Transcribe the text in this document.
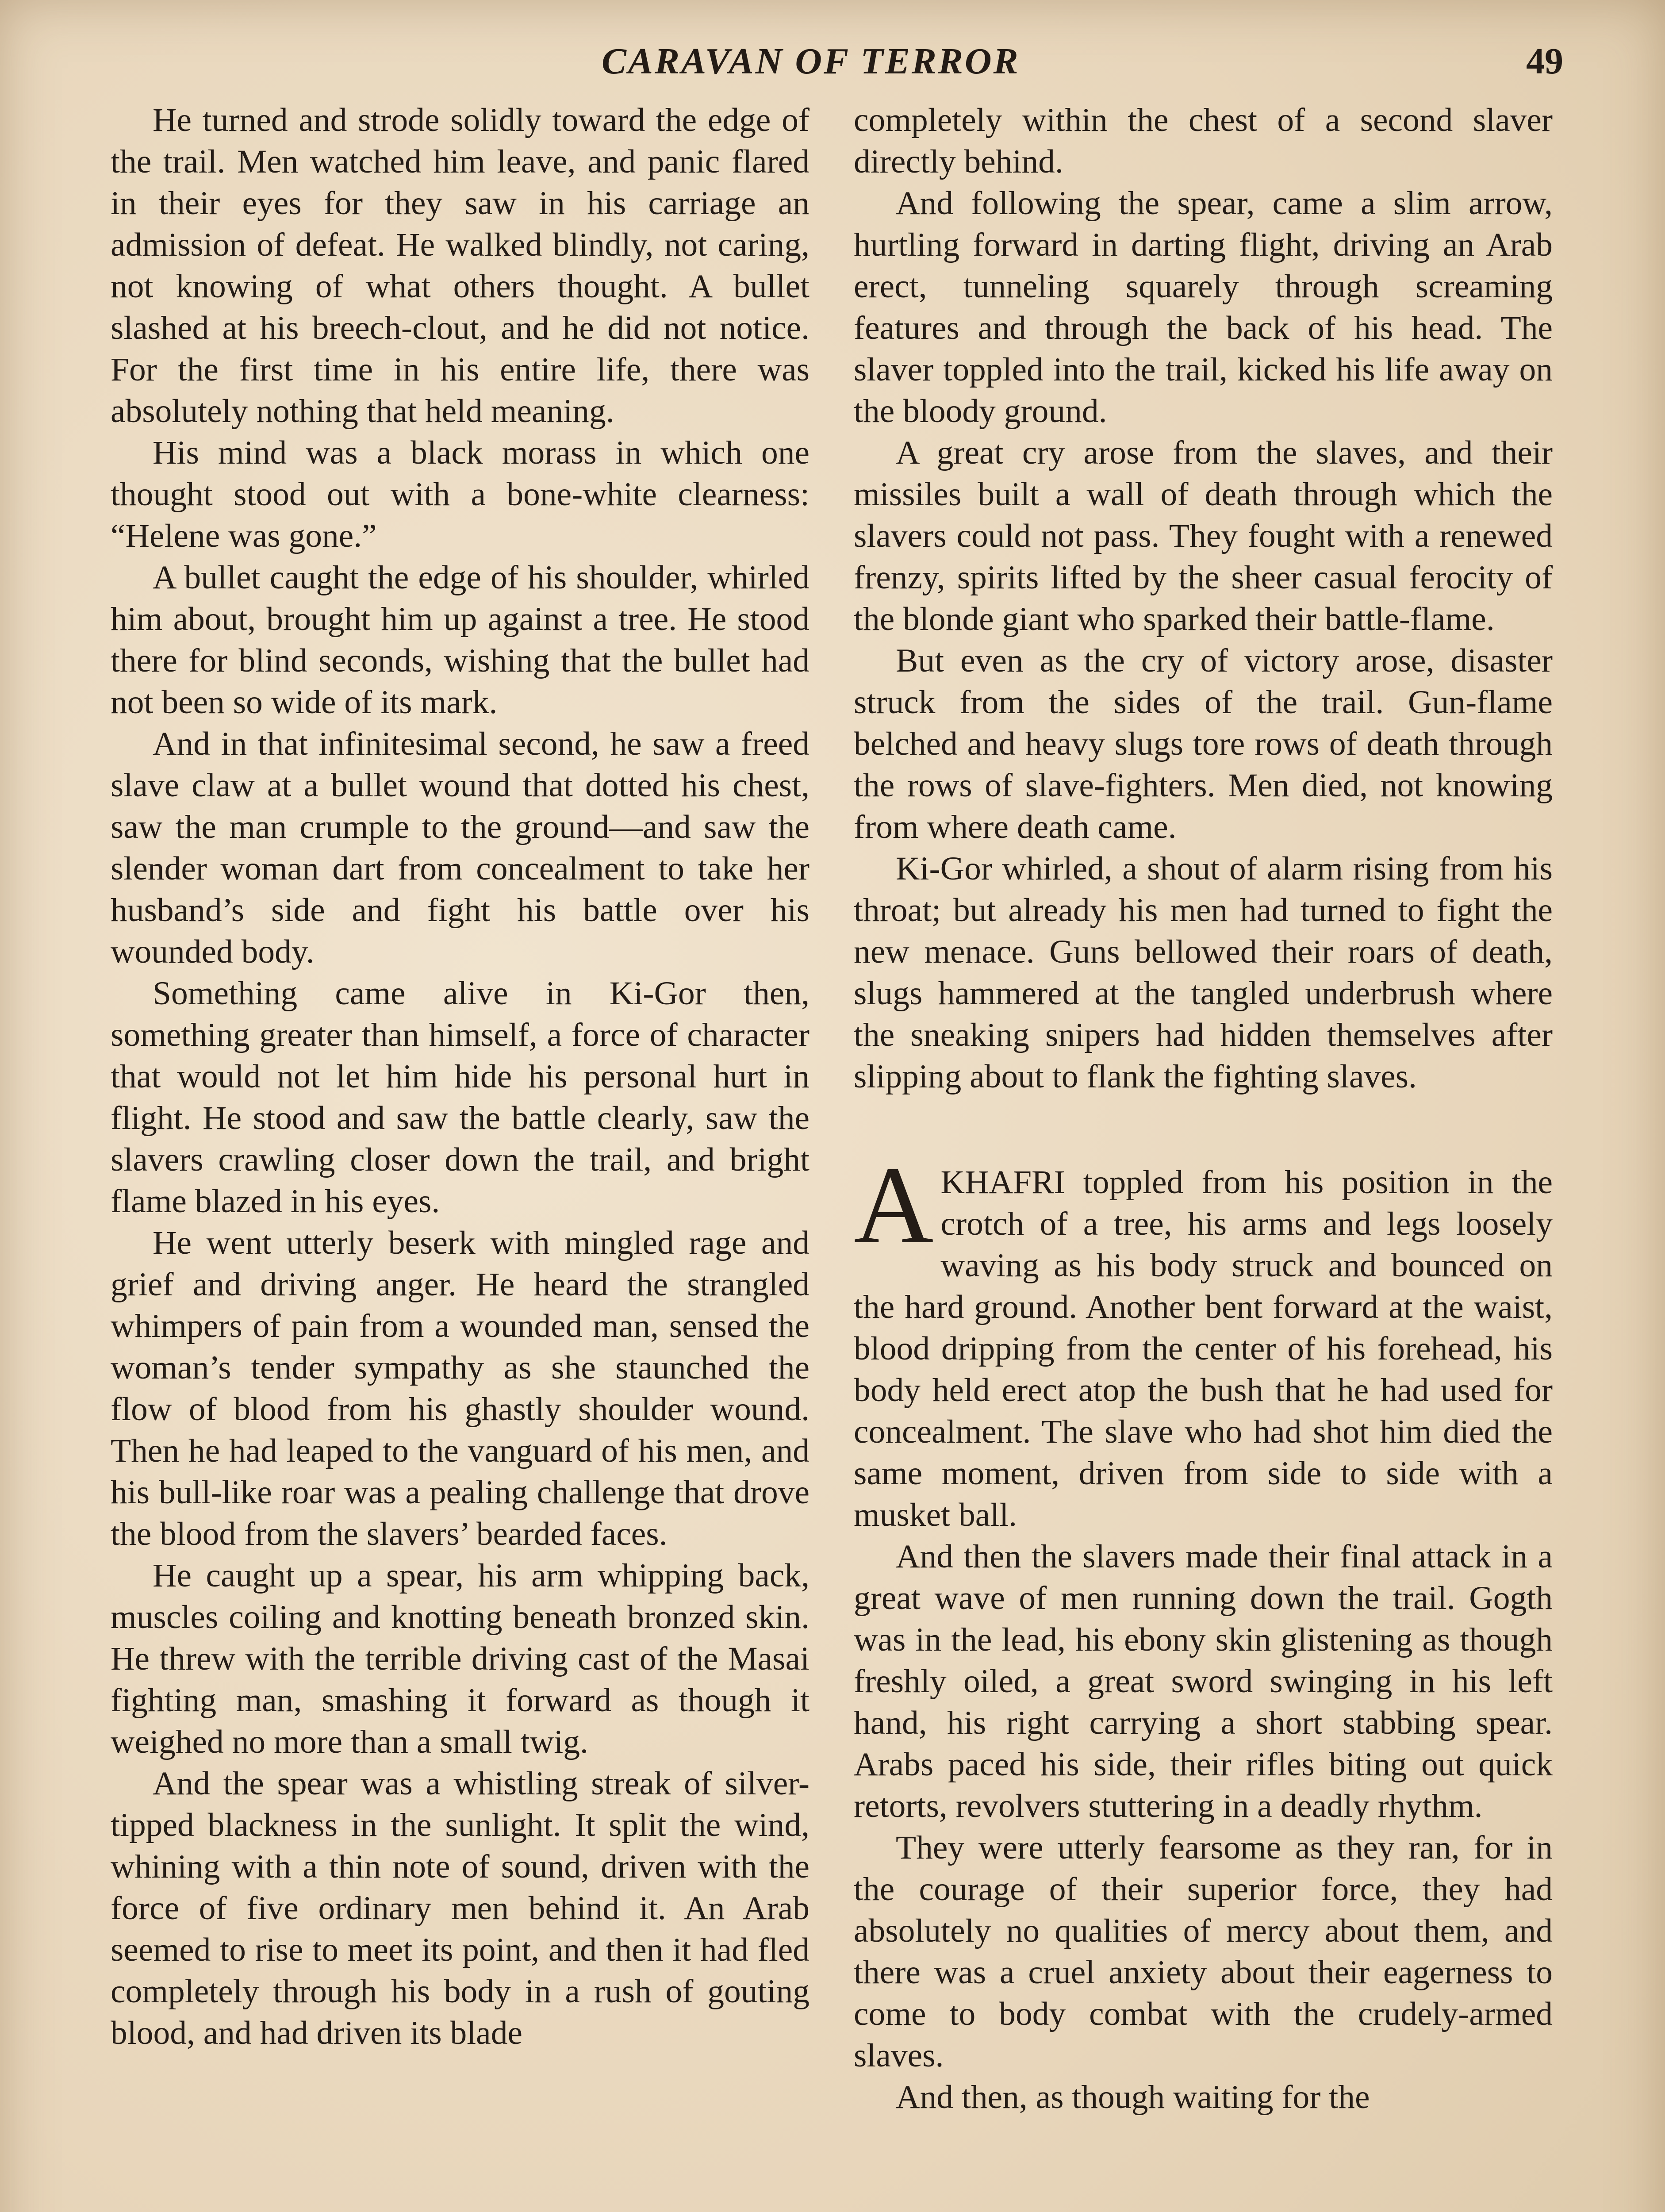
CARAVAN OF TERROR	49

He turned and strode solidly toward the edge of the trail. Men watched him leave, and panic flared in their eyes for they saw in his carriage an admission of defeat. He walked blindly, not caring, not knowing of what others thought. A bullet slashed at his breech-clout, and he did not notice. For the first time in his entire life, there was absolutely nothing that held meaning.

His mind was a black morass in which one thought stood out with a bone-white clearness: “Helene was gone.”

A bullet caught the edge of his shoulder, whirled him about, brought him up against a tree. He stood there for blind seconds, wishing that the bullet had not been so wide of its mark.

And in that infinitesimal second, he saw a freed slave claw at a bullet wound that dotted his chest, saw the man crumple to the ground—and saw the slender woman dart from concealment to take her husband’s side and fight his battle over his wounded body.

Something came alive in Ki-Gor then, something greater than himself, a force of character that would not let him hide his personal hurt in flight. He stood and saw the battle clearly, saw the slavers crawling closer down the trail, and bright flame blazed in his eyes.

He went utterly beserk with mingled rage and grief and driving anger. He heard the strangled whimpers of pain from a wounded man, sensed the woman’s tender sympathy as she staunched the flow of blood from his ghastly shoulder wound. Then he had leaped to the vanguard of his men, and his bull-like roar was a pealing challenge that drove the blood from the slavers’ bearded faces.

He caught up a spear, his arm whipping back, muscles coiling and knotting beneath bronzed skin. He threw with the terrible driving cast of the Masai fighting man, smashing it forward as though it weighed no more than a small twig.

And the spear was a whistling streak of silver-tipped blackness in the sunlight. It split the wind, whining with a thin note of sound, driven with the force of five ordinary men behind it. An Arab seemed to rise to meet its point, and then it had fled completely through his body in a rush of gouting blood, and had driven its blade

completely within the chest of a second slaver directly behind.

And following the spear, came a slim arrow, hurtling forward in darting flight, driving an Arab erect, tunneling squarely through screaming features and through the back of his head. The slaver toppled into the trail, kicked his life away on the bloody ground.

A great cry arose from the slaves, and their missiles built a wall of death through which the slavers could not pass. They fought with a renewed frenzy, spirits lifted by the sheer casual ferocity of the blonde giant who sparked their battle-flame.

But even as the cry of victory arose, disaster struck from the sides of the trail. Gun-flame belched and heavy slugs tore rows of death through the rows of slave-fighters. Men died, not knowing from where death came.

Ki-Gor whirled, a shout of alarm rising from his throat; but already his men had turned to fight the new menace. Guns bellowed their roars of death, slugs hammered at the tangled underbrush where the sneaking snipers had hidden themselves after slipping about to flank the fighting slaves.

AKHAFRI toppled from his position in the crotch of a tree, his arms and legs loosely waving as his body struck and bounced on the hard ground. Another bent forward at the waist, blood dripping from the center of his forehead, his body held erect atop the bush that he had used for concealment. The slave who had shot him died the same moment, driven from side to side with a musket ball.

And then the slavers made their final attack in a great wave of men running down the trail. Gogth was in the lead, his ebony skin glistening as though freshly oiled, a great sword swinging in his left hand, his right carrying a short stabbing spear. Arabs paced his side, their rifles biting out quick retorts, revolvers stuttering in a deadly rhythm.

They were utterly fearsome as they ran, for in the courage of their superior force, they had absolutely no qualities of mercy about them, and there was a cruel anxiety about their eagerness to come to body combat with the crudely-armed slaves.

And then, as though waiting for the
